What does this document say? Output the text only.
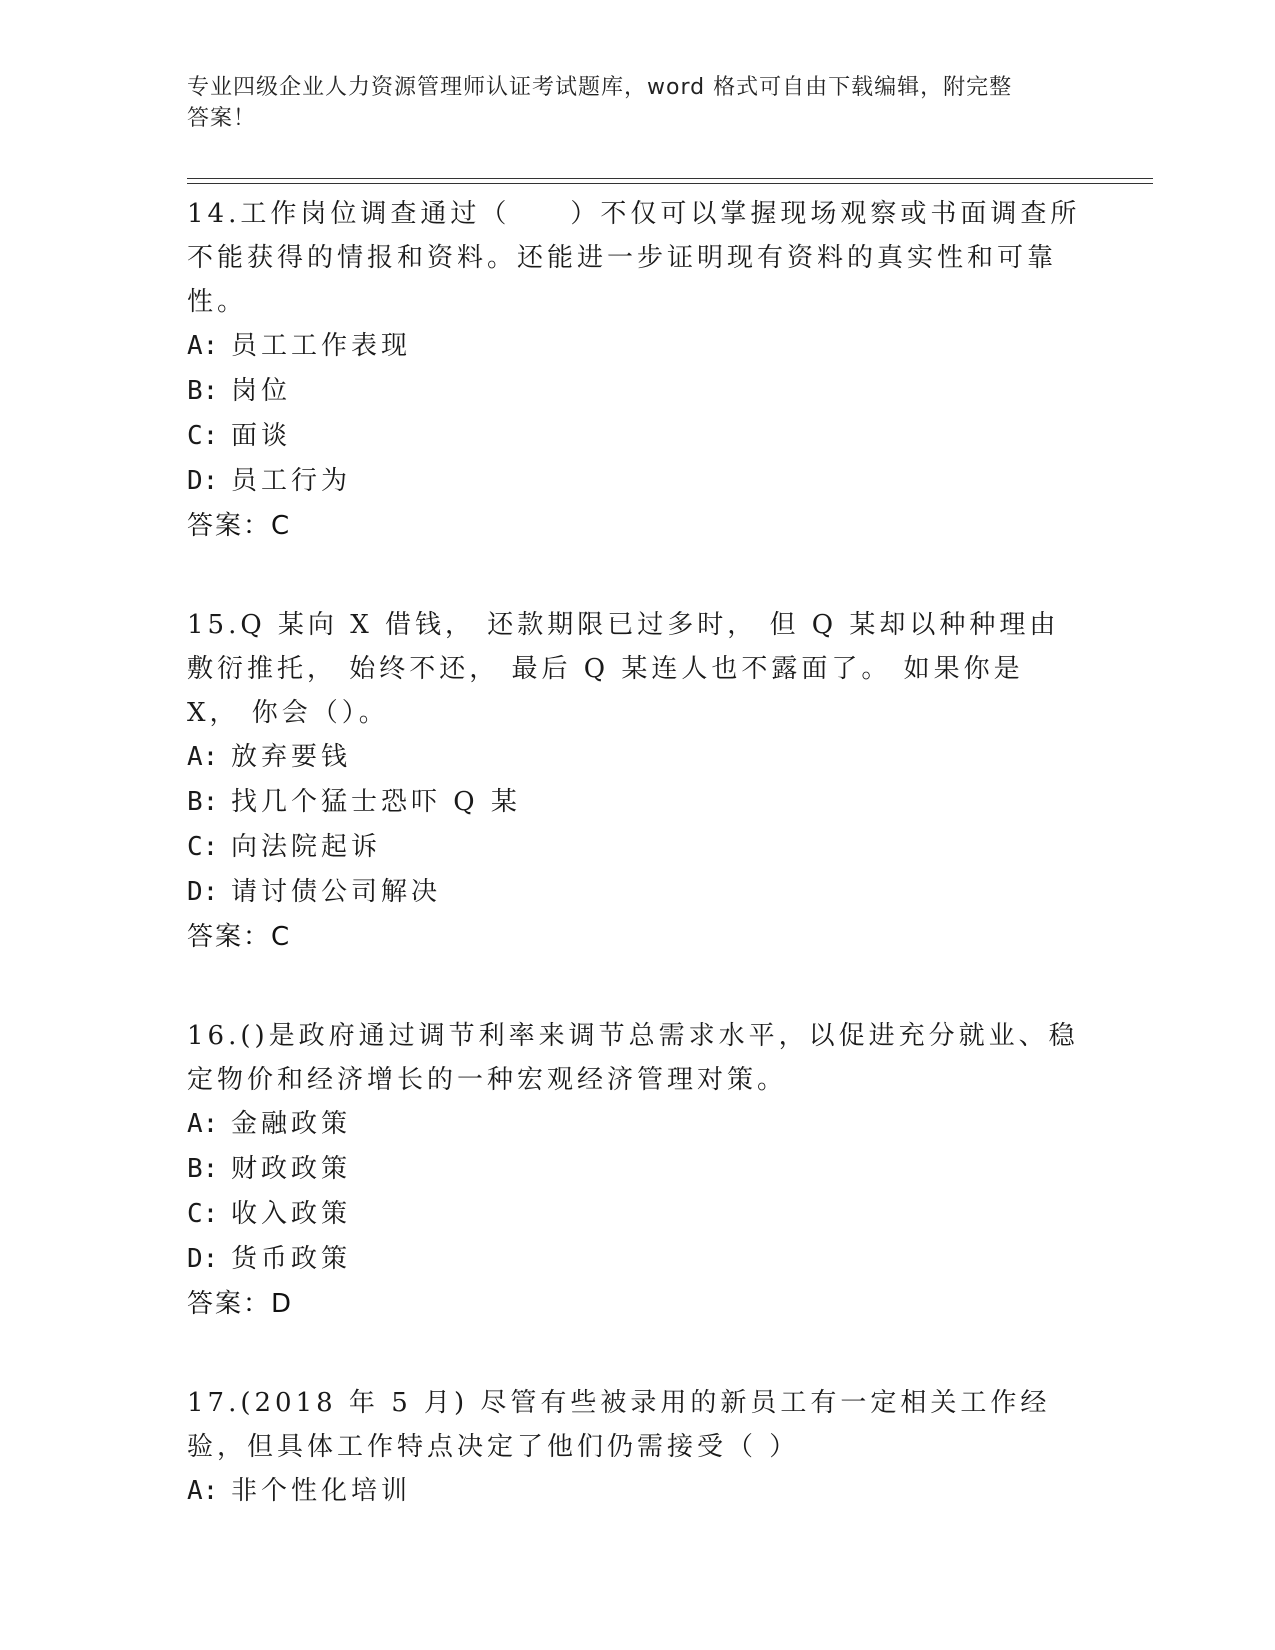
专业四级企业人力资源管理师认证考试题库，word 格式可自由下载编辑，附完整
答案！

14.工作岗位调查通过（　　）不仅可以掌握现场观察或书面调查所不能获得的情报和资料。还能进一步证明现有资料的真实性和可靠性。

A: 员工工作表现

B: 岗位

C: 面谈

D: 员工行为

答案：C

15.Q 某向 X 借钱， 还款期限已过多时， 但 Q 某却以种种理由敷衍推托， 始终不还， 最后 Q 某连人也不露面了。 如果你是 X， 你会（）。

A: 放弃要钱

B: 找几个猛士恐吓 Q 某

C: 向法院起诉

D: 请讨债公司解决

答案：C

16.()是政府通过调节利率来调节总需求水平，以促进充分就业、稳定物价和经济增长的一种宏观经济管理对策。

A: 金融政策

B: 财政政策

C: 收入政策

D: 货币政策

答案：D

17.(2018 年 5 月) 尽管有些被录用的新员工有一定相关工作经验，但具体工作特点决定了他们仍需接受（ ）

A: 非个性化培训
